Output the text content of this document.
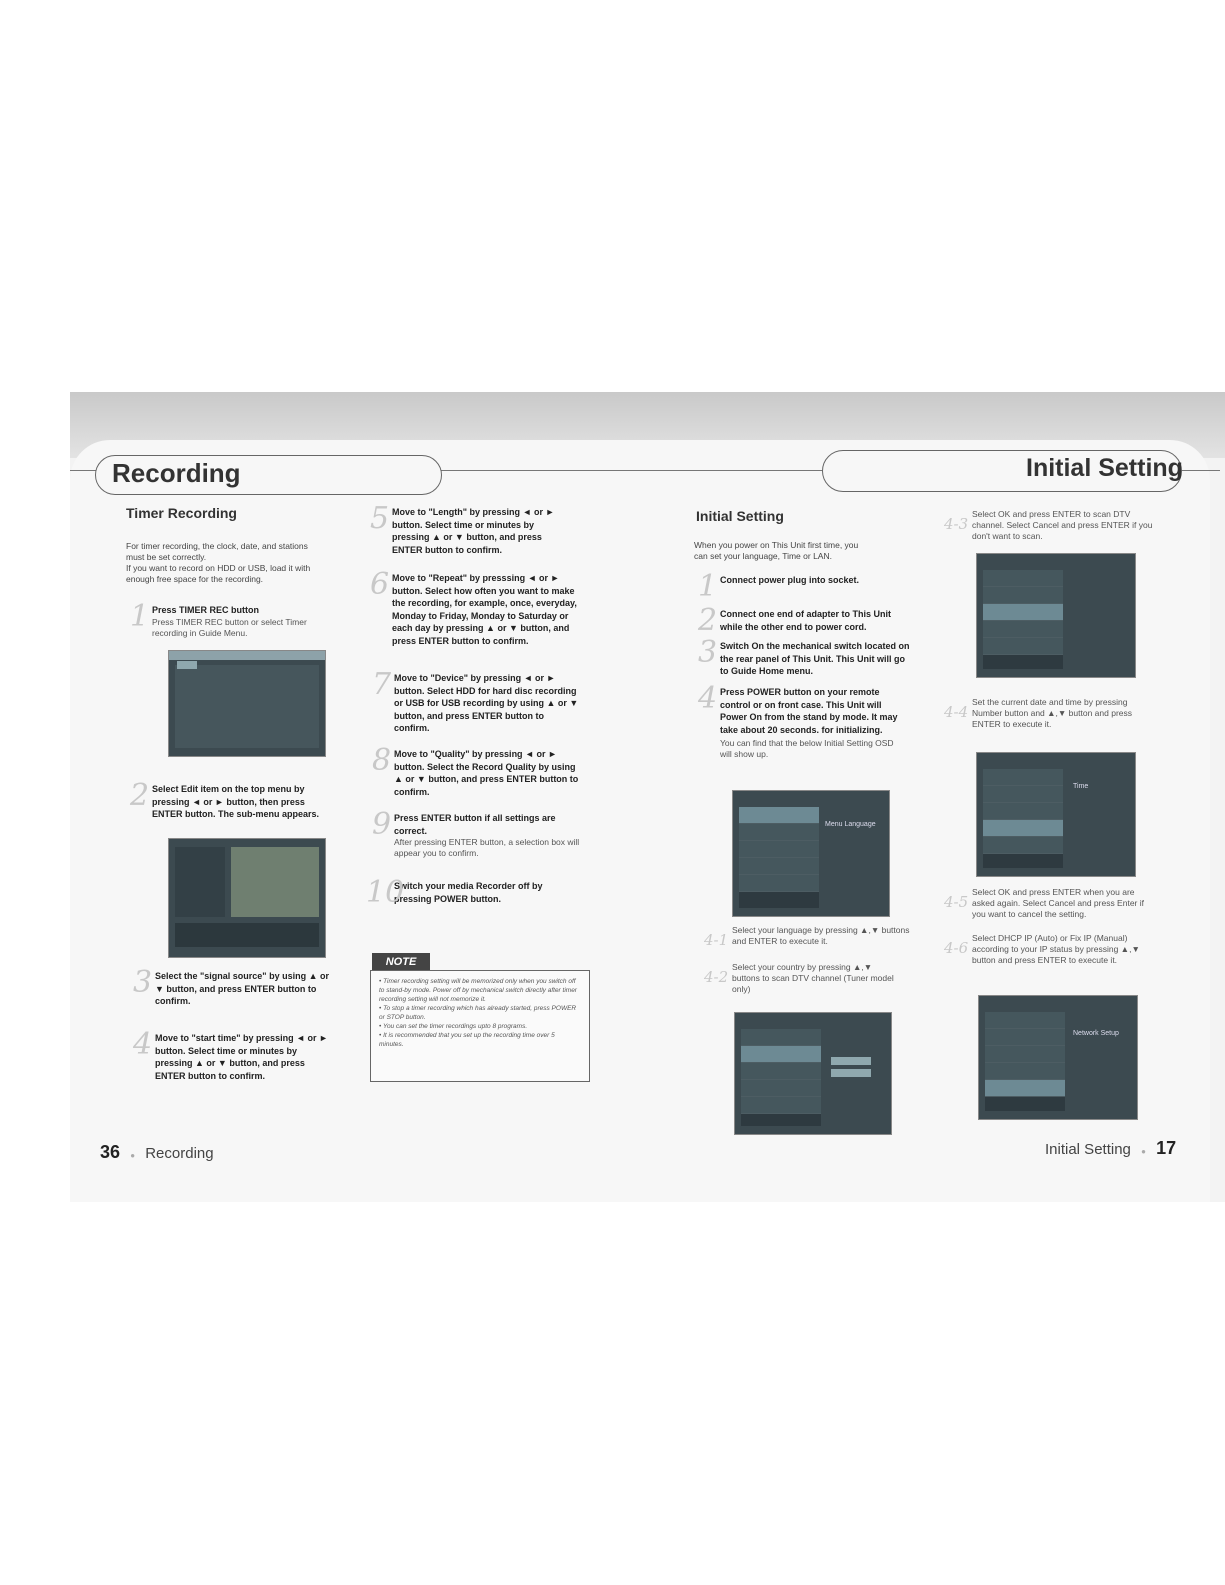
Recording	Initial Setting
Timer Recording
For timer recording, the clock, date, and stations
must be set correctly.
If you want to record on HDD or USB, load it with
enough free space for the recording.
1 Press TIMER REC button
Press TIMER REC button or select Timer recording in Guide Menu.
2 Select Edit item on the top menu by pressing ◄ or ► button, then press ENTER button. The sub-menu appears.
3 Select the "signal source" by using ▲ or ▼ button, and press ENTER button to confirm.
4 Move to "start time" by pressing ◄ or ► button. Select time or minutes by pressing ▲ or ▼ button, and press ENTER button to confirm.
5 Move to "Length" by pressing ◄ or ► button. Select time or minutes by pressing ▲ or ▼ button, and press ENTER button to confirm.
6 Move to "Repeat" by presssing ◄ or ► button. Select how often you want to make the recording, for example, once, everyday, Monday to Friday, Monday to Saturday or each day by pressing ▲ or ▼ button, and press ENTER button to confirm.
7 Move to "Device" by pressing ◄ or ► button. Select HDD for hard disc recording or USB for USB recording by using ▲ or ▼ button, and press ENTER button to confirm.
8 Move to "Quality" by pressing ◄ or ► button. Select the Record Quality by using ▲ or ▼ button, and press ENTER button to confirm.
9 Press ENTER button if all settings are correct.
After pressing ENTER button, a selection box will appear you to confirm.
10
Switch your media Recorder off by pressing POWER button.
NOTE
• Timer recording setting will be memorized only when you switch off to stand-by mode. Power off by mechanical switch directly after timer recording setting will not memorize it.
• To stop a timer recording which has already started, press POWER or STOP button.
• You can set the timer recordings upto 8 programs.
• It is recommended that you set up the recording time over 5 minutes.
36 ● Recording
Initial Setting
When you power on This Unit first time, you
can set your language, Time or LAN.
1 Connect power plug into socket.
2 Connect one end of adapter to This Unit while the other end to power cord.
3 Switch On the mechanical switch located on the rear panel of This Unit. This Unit will go to Guide Home menu.
4 Press POWER button on your remote control or on front case. This Unit will Power On from the stand by mode. It may take about 20 seconds. for initializing.
You can find that the below Initial Setting OSD will show up.
Menu Language
4-1
Select your language by pressing ▲,▼ buttons and ENTER to execute it.
4-2
Select your country by pressing ▲,▼ buttons to scan DTV channel (Tuner model only)
4-3
Select OK and press ENTER to scan DTV channel. Select Cancel and press ENTER if you don't want to scan.
4-4
Set the current date and time by pressing Number button and ▲,▼ button and press ENTER to execute it.
Time
4-5
Select OK and press ENTER when you are asked again. Select Cancel and press Enter if you want to cancel the setting.
4-6
Select DHCP IP (Auto) or Fix IP (Manual) according to your IP status by pressing ▲,▼ button and press ENTER to execute it.
Network Setup
Initial Setting ● 17
